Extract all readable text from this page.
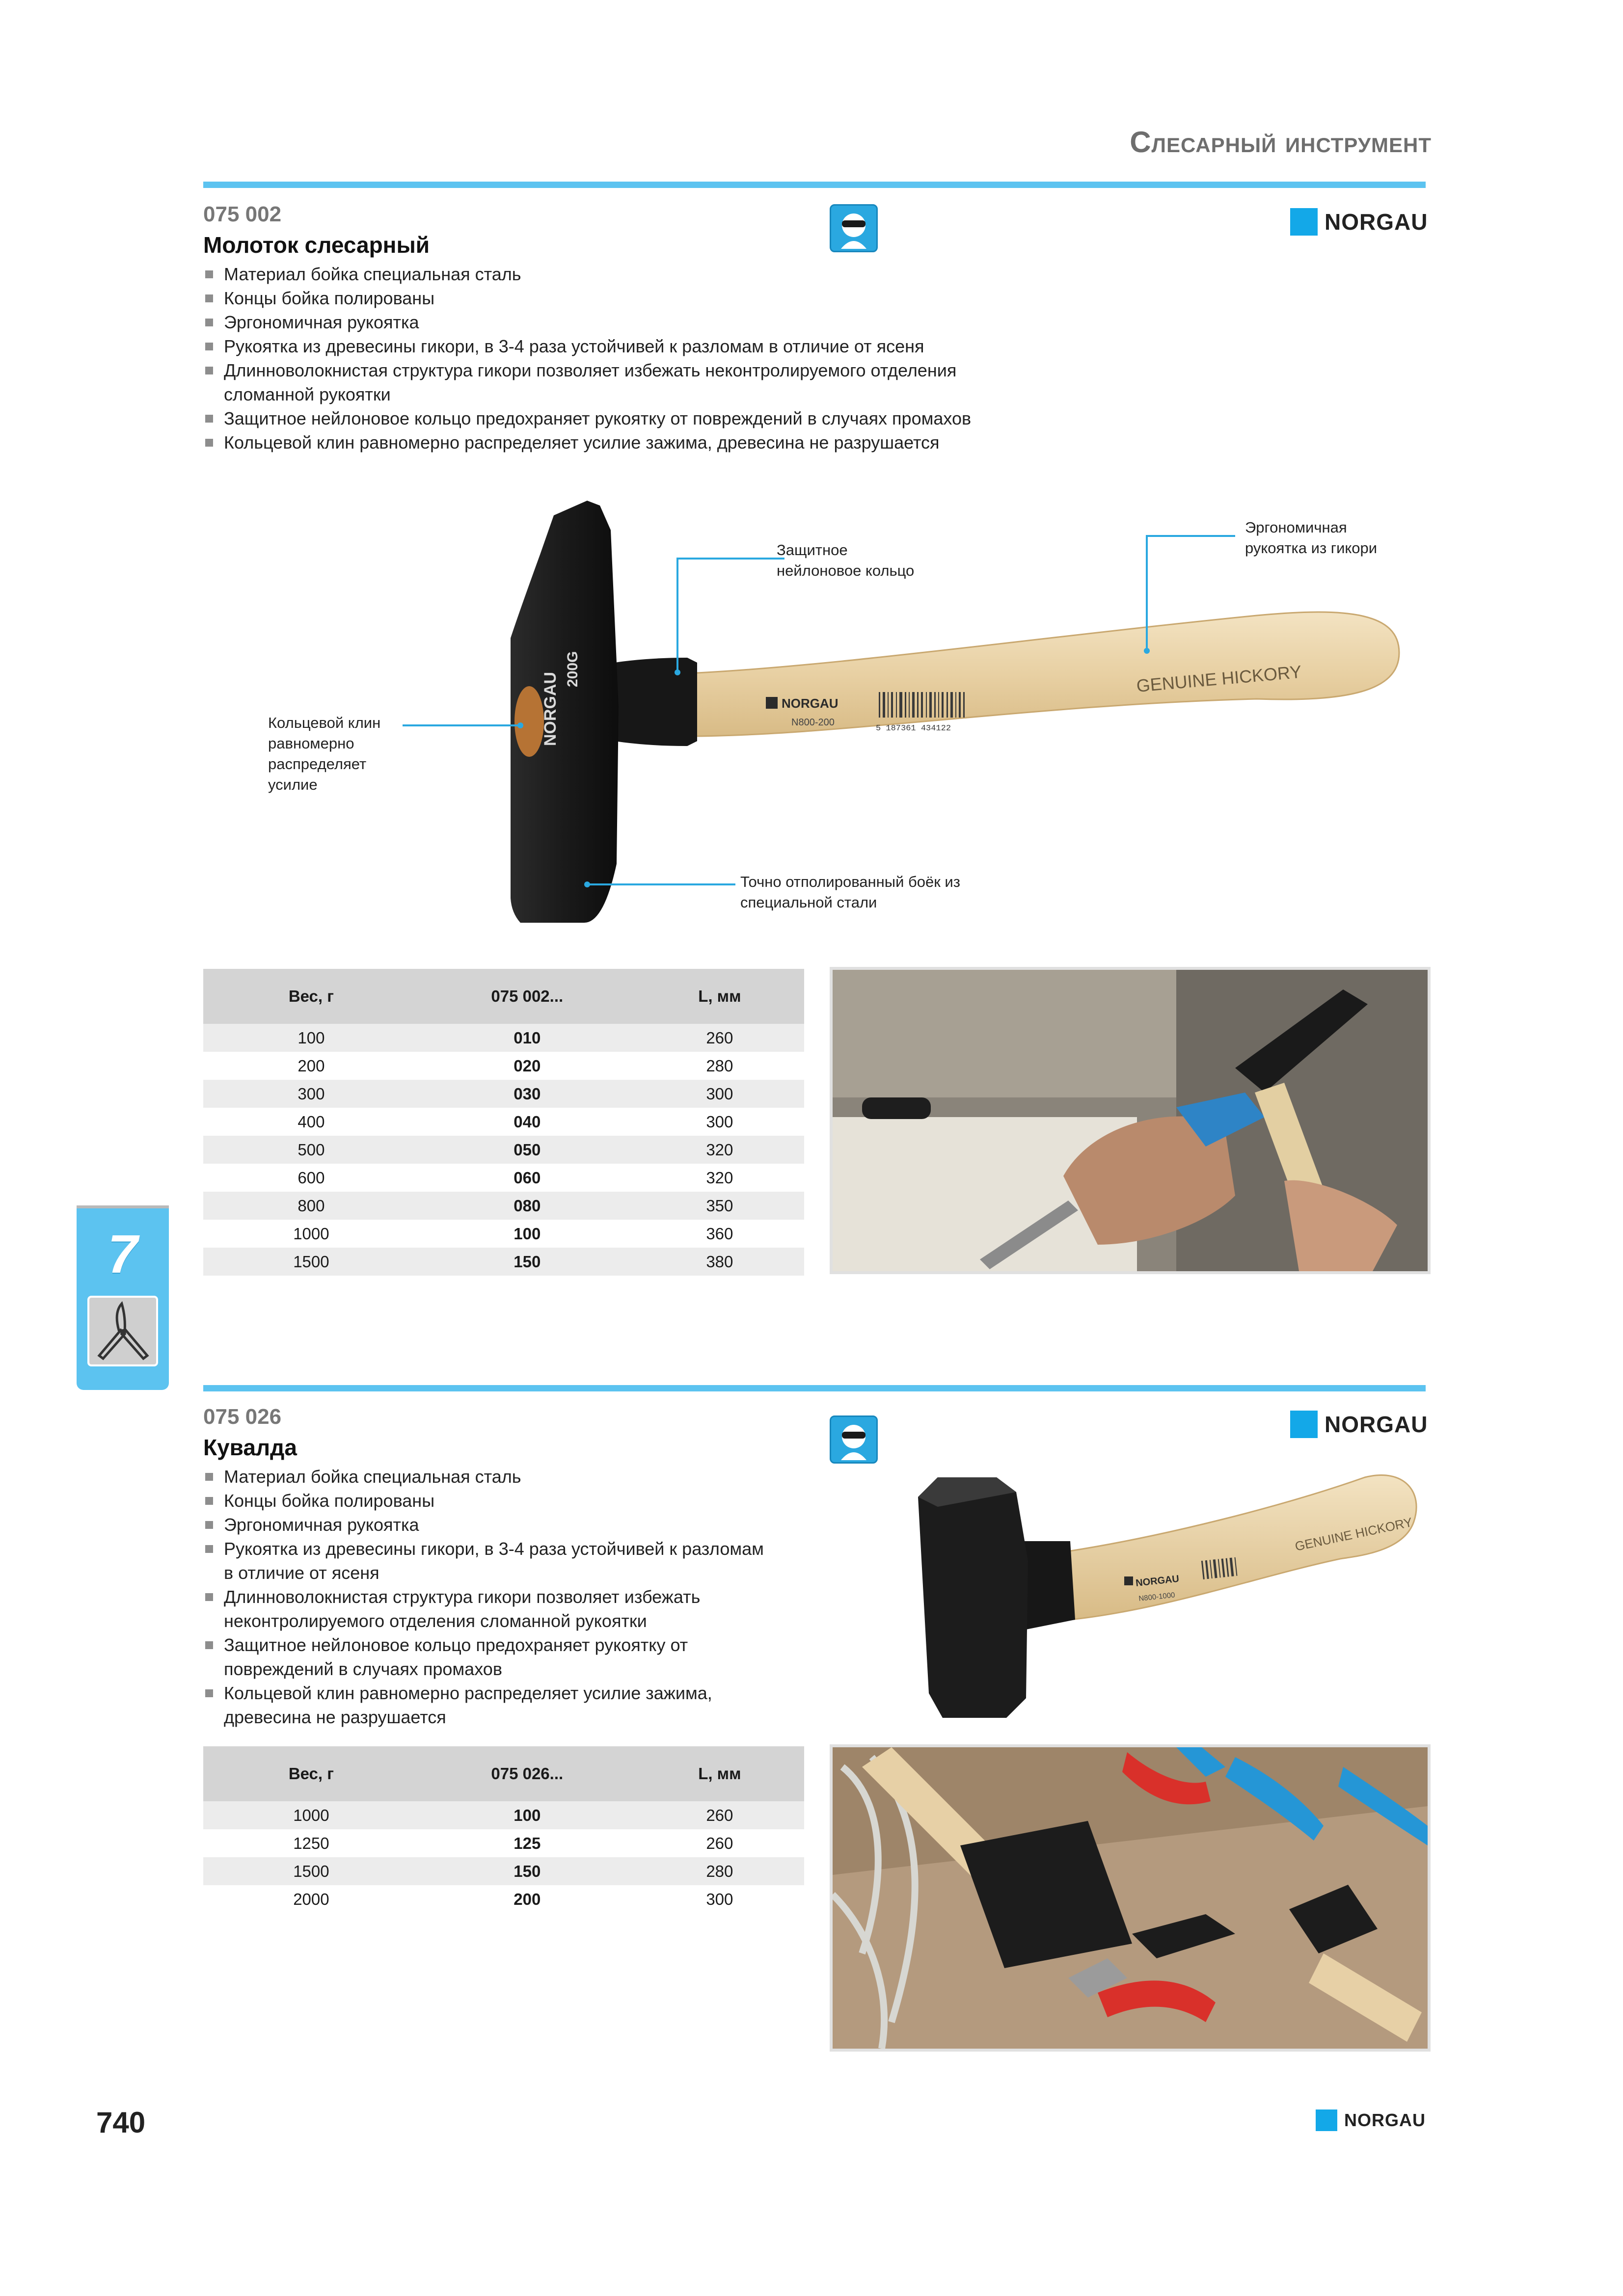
Слесарный инструмент
075 002
Молоток слесарный
NORGAU
Материал бойка специальная сталь
Концы бойка полированы
Эргономичная рукоятка
Рукоятка из древесины гикори, в 3-4 раза устойчивей к разломам в отличие от ясеня
Длинноволокнистая структура гикори позволяет избежать неконтролируемого отделения сломанной рукоятки
Защитное нейлоновое кольцо предохраняет рукоятку от повреждений в случаях промахов
Кольцевой клин равномерно распределяет усилие зажима, древесина не разрушается
NORGAU
200G
NORGAU
N800-200
5 187361 434122
GENUINE HICKORY
Защитное нейлоновое кольцо
Эргономичная рукоятка из гикори
Кольцевой клин равномерно распределяет усилие
Точно отполированный боёк из специальной стали
Вес, г	075 002...	L, мм
100	010	260
200	020	280
300	030	300
400	040	300
500	050	320
600	060	320
800	080	350
1000	100	360
1500	150	380
7
075 026
Кувалда
NORGAU
Материал бойка специальная сталь
Концы бойка полированы
Эргономичная рукоятка
Рукоятка из древесины гикори, в 3-4 раза устойчивей к разломам в отличие от ясеня
Длинноволокнистая структура гикори позволяет избежать неконтролируемого отделения сломанной рукоятки
Защитное нейлоновое кольцо предохраняет рукоятку от повреждений в случаях промахов
Кольцевой клин равномерно распределяет усилие зажима, древесина не разрушается
NORGAU
N800-1000
GENUINE HICKORY
Вес, г	075 026...	L, мм
1000	100	260
1250	125	260
1500	150	280
2000	200	300
740	NORGAU
